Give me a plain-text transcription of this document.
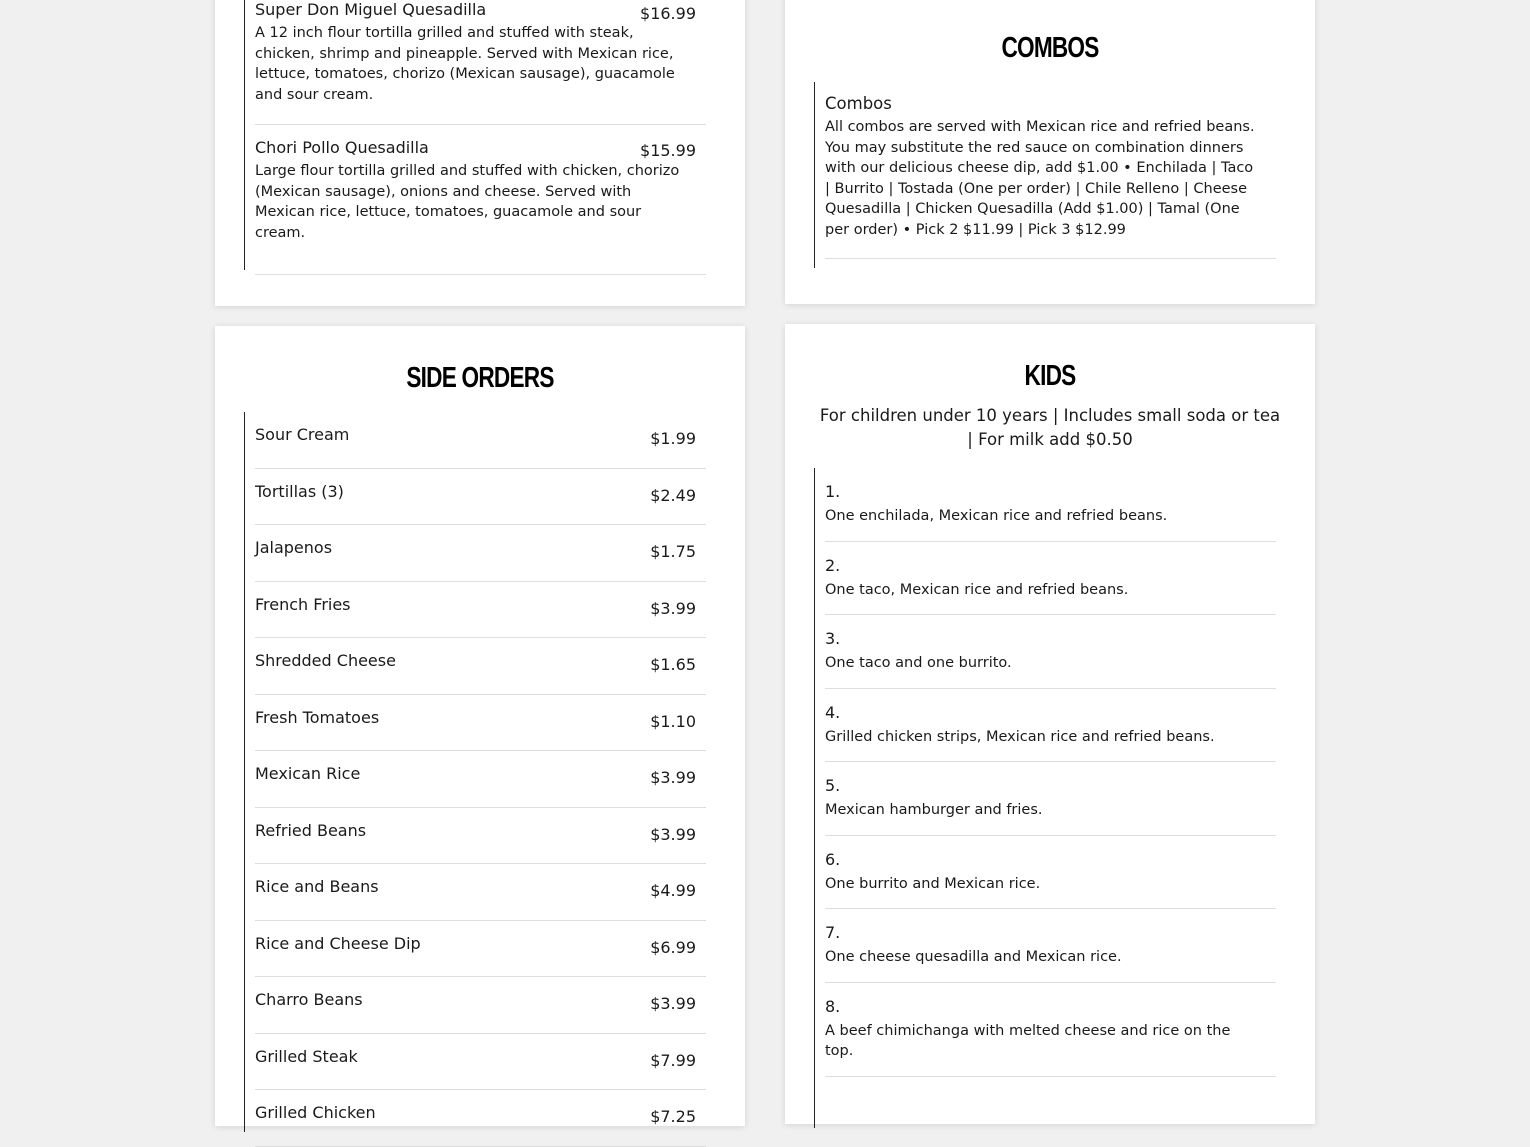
Super Don Miguel Quesadilla	$16.99
A 12 inch flour tortilla grilled and stuffed with steak, chicken, shrimp and pineapple. Served with Mexican rice, lettuce, tomatoes, chorizo (Mexican sausage), guacamole and sour cream.
Chori Pollo Quesadilla	$15.99
Large flour tortilla grilled and stuffed with chicken, chorizo (Mexican sausage), onions and cheese. Served with Mexican rice, lettuce, tomatoes, guacamole and sour cream.
COMBOS
Combos
All combos are served with Mexican rice and refried beans. You may substitute the red sauce on combination dinners with our delicious cheese dip, add $1.00 • Enchilada | Taco | Burrito | Tostada (One per order) | Chile Relleno | Cheese Quesadilla | Chicken Quesadilla (Add $1.00) | Tamal (One per order) • Pick 2 $11.99 | Pick 3 $12.99
SIDE ORDERS
Sour Cream	$1.99
Tortillas (3)	$2.49
Jalapenos	$1.75
French Fries	$3.99
Shredded Cheese	$1.65
Fresh Tomatoes	$1.10
Mexican Rice	$3.99
Refried Beans	$3.99
Rice and Beans	$4.99
Rice and Cheese Dip	$6.99
Charro Beans	$3.99
Grilled Steak	$7.99
Grilled Chicken	$7.25
KIDS
For children under 10 years | Includes small soda or tea | For milk add $0.50
1.
One enchilada, Mexican rice and refried beans.
2.
One taco, Mexican rice and refried beans.
3.
One taco and one burrito.
4.
Grilled chicken strips, Mexican rice and refried beans.
5.
Mexican hamburger and fries.
6.
One burrito and Mexican rice.
7.
One cheese quesadilla and Mexican rice.
8.
A beef chimichanga with melted cheese and rice on the top.
